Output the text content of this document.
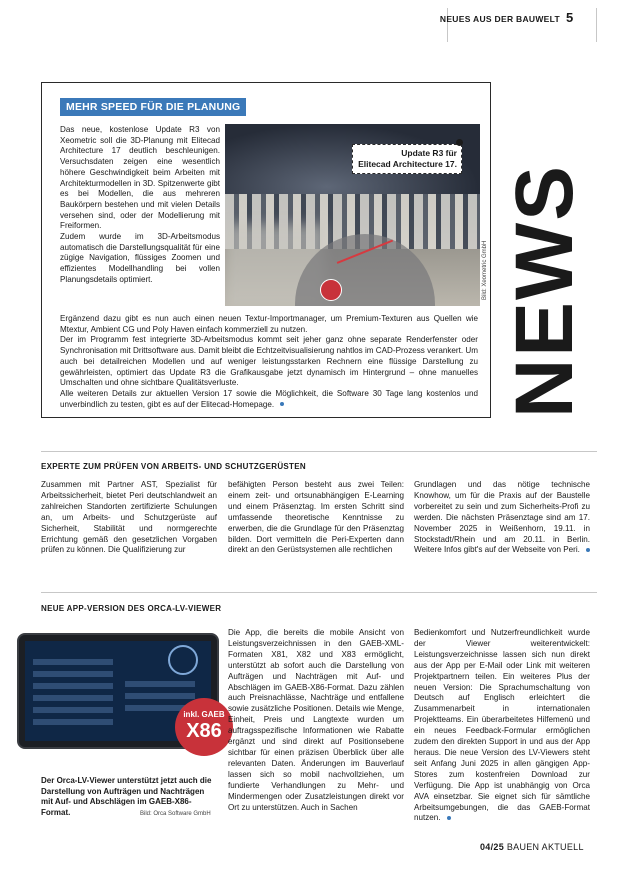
NEUES AUS DER BAUWELT 5
MEHR SPEED FÜR DIE PLANUNG
Update R3 für
Elitecad Architecture 17.
Bild: Xeometric GmbH

Das neue, kostenlose Update R3 von Xeometric soll die 3D-Planung mit Elitecad Architecture 17 deutlich beschleunigen. Versuchsdaten zeigen eine wesentlich höhere Geschwindigkeit beim Arbeiten mit Architekturmodellen in 3D. Spitzenwerte gibt es bei Modellen, die aus mehreren Baukörpern bestehen und mit vielen Details versehen sind, oder der Modellierung mit Freiformen.

Zudem wurde im 3D-Arbeitsmodus automatisch die Darstellungsqualität für eine zügige Navigation, flüssiges Zoomen und effizientes Modellhandling bei vollen Planungsdetails optimiert.

Ergänzend dazu gibt es nun auch einen neuen Textur-Importmanager, um Premium-Texturen aus Quellen wie Mtextur, Ambient CG und Poly Haven einfach kommerziell zu nutzen.

Der im Programm fest integrierte 3D-Arbeitsmodus kommt seit jeher ganz ohne separate Renderfenster oder Synchronisation mit Drittsoftware aus. Damit bleibt die Echtzeitvisualisierung nahtlos im CAD-Prozess verankert. Um auch bei detailreichen Modellen und auf weniger leistungsstarken Rechnern eine flüssige Darstellung zu gewährleisten, optimiert das Update R3 die Grafikausgabe jetzt dynamisch im Hintergrund – ohne manuelles Umschalten und ohne sichtbare Qualitätsverluste.

Alle weiteren Details zur aktuellen Version 17 sowie die Möglichkeit, die Software 30 Tage lang kostenlos und unverbindlich zu testen, gibt es auf der Elitecad-Homepage.	NEWS
EXPERTE ZUM PRÜFEN VON ARBEITS- UND SCHUTZGERÜSTEN

Zusammen mit Partner AST, Spezialist für Arbeitssicherheit, bietet Peri deutschlandweit an zahlreichen Standorten zertifizierte Schulungen an, um Arbeits- und Schutzgerüste auf Sicherheit, Stabilität und normgerechte Errichtung gemäß den gesetzlichen Vorgaben prüfen zu können. Die Qualifizierung zur

befähigten Person besteht aus zwei Teilen: einem zeit- und ortsunabhängigen E-Learning und einem Präsenztag. Im ersten Schritt sind umfassende theoretische Kenntnisse zu erwerben, die die Grundlage für den Präsenztag bilden. Dort vermitteln die Peri-Experten dann direkt an den Gerüstsystemen alle rechtlichen

Grundlagen und das nötige technische Knowhow, um für die Praxis auf der Baustelle vorbereitet zu sein und zum Sicherheits-Profi zu werden. Die nächsten Präsenztage sind am 17. November 2025 in Weißenhorn, 19.11. in Stockstadt/Rhein und am 20.11. in Berlin. Weitere Infos gibt's auf der Webseite von Peri.

NEUE APP-VERSION DES ORCA-LV-VIEWER
inkl. GAEB
X86
Der Orca-LV-Viewer unterstützt jetzt auch die Darstellung von Aufträgen und Nachträgen mit Auf- und Abschlägen im GAEB-X86-Format.	Bild: Orca Software GmbH

Die App, die bereits die mobile Ansicht von Leistungsverzeichnissen in den GAEB-XML-Formaten X81, X82 und X83 ermöglicht, unterstützt ab sofort auch die Darstellung von Aufträgen und Nachträgen mit Auf- und Abschlägen im GAEB-X86-Format. Dazu zählen auch Preisnachlässe, Nachträge und entfallene sowie zusätzliche Positionen. Details wie Menge, Einheit, Preis und Langtexte wurden um auftragsspezifische Informationen wie Rabatte ergänzt und sind direkt auf Positionsebene sichtbar für einen präzisen Überblick über alle relevanten Daten. Änderungen im Bauverlauf lassen sich so mobil nachvollziehen, um fundierte Verhandlungen zu Mehr- und Mindermengen oder Zusatzleistungen direkt vor Ort zu unterstützen. Auch in Sachen

Bedienkomfort und Nutzerfreundlichkeit wurde der Viewer weiterentwickelt: Leistungsverzeichnisse lassen sich nun direkt aus der App per E-Mail oder Link mit weiteren Projektpartnern teilen. Ein weiteres Plus der neuen Version: Die Sprachumschaltung von Deutsch auf Englisch erleichtert die Zusammenarbeit in internationalen Projektteams. Ein überarbeitetes Hilfemenü und ein neues Feedback-Formular ermöglichen zudem den direkten Support in und aus der App heraus. Die neue Version des LV-Viewers steht seit Anfang Juni 2025 in allen gängigen App-Stores zum kostenfreien Download zur Verfügung. Die App ist unabhängig von Orca AVA einsetzbar. Sie eignet sich für sämtliche Arbeitsumgebungen, die das GAEB-Format nutzen.

04/25 BAUEN AKTUELL
